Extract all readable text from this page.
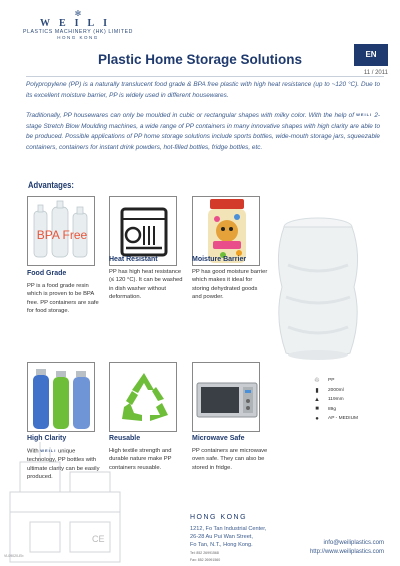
✻
WEILI
PLASTICS MACHINERY (HK) LIMITED
HONG KONG
Plastic Home Storage Solutions	EN
11 / 2011

Polypropylene (PP) is a naturally translucent food grade & BPA free plastic with high heat resistance (up to ~120 °C). Due to its excellent moisture barrier, PP is widely used in different housewares.

Traditionally, PP housewares can only be moulded in cubic or rectangular shapes with milky color. With the help of WEILI 2-stage Stretch Blow Moulding machines, a wide range of PP containers in many innovative shapes with high clarity are able to be produced. Possible applications of PP home storage solutions include sports bottles, wide-mouth storage jars, squeezable containers, containers for instant drink powders, hot-filled bottles, fridge bottles, etc.

Advantages:
BPA Free
Food Grade
PP is a food grade resin which is proven to be BPA free. PP containers are safe for food storage.
Heat Resistant
PP has high heat resistance (≤ 120 °C). It can be washed in dish washer without deformation.
Moisture Barrier
PP has good moisture barrier which makes it ideal for storing dehydrated goods and powder.
♲	PP
▮	2000ml
▲	119mm
■	89g
●	AP - MEDIUM
High Clarity
With WEILI unique technology, PP bottles with ultimate clarity can be easily produced.
Reusable
High textile strength and durable nature make PP containers reusable.
Microwave Safe
PP containers are microwave oven safe. They can also be stored in fridge.
CE
VL09020-Eb
HONG KONG
1212, Fo Tan Industrial Center,
26-28 Au Pui Wan Street,
Fo Tan, N.T., Hong Kong.
Tel: 852 26991568
Fax: 852 26991560
info@weiliplastics.com
http://www.weiliplastics.com
